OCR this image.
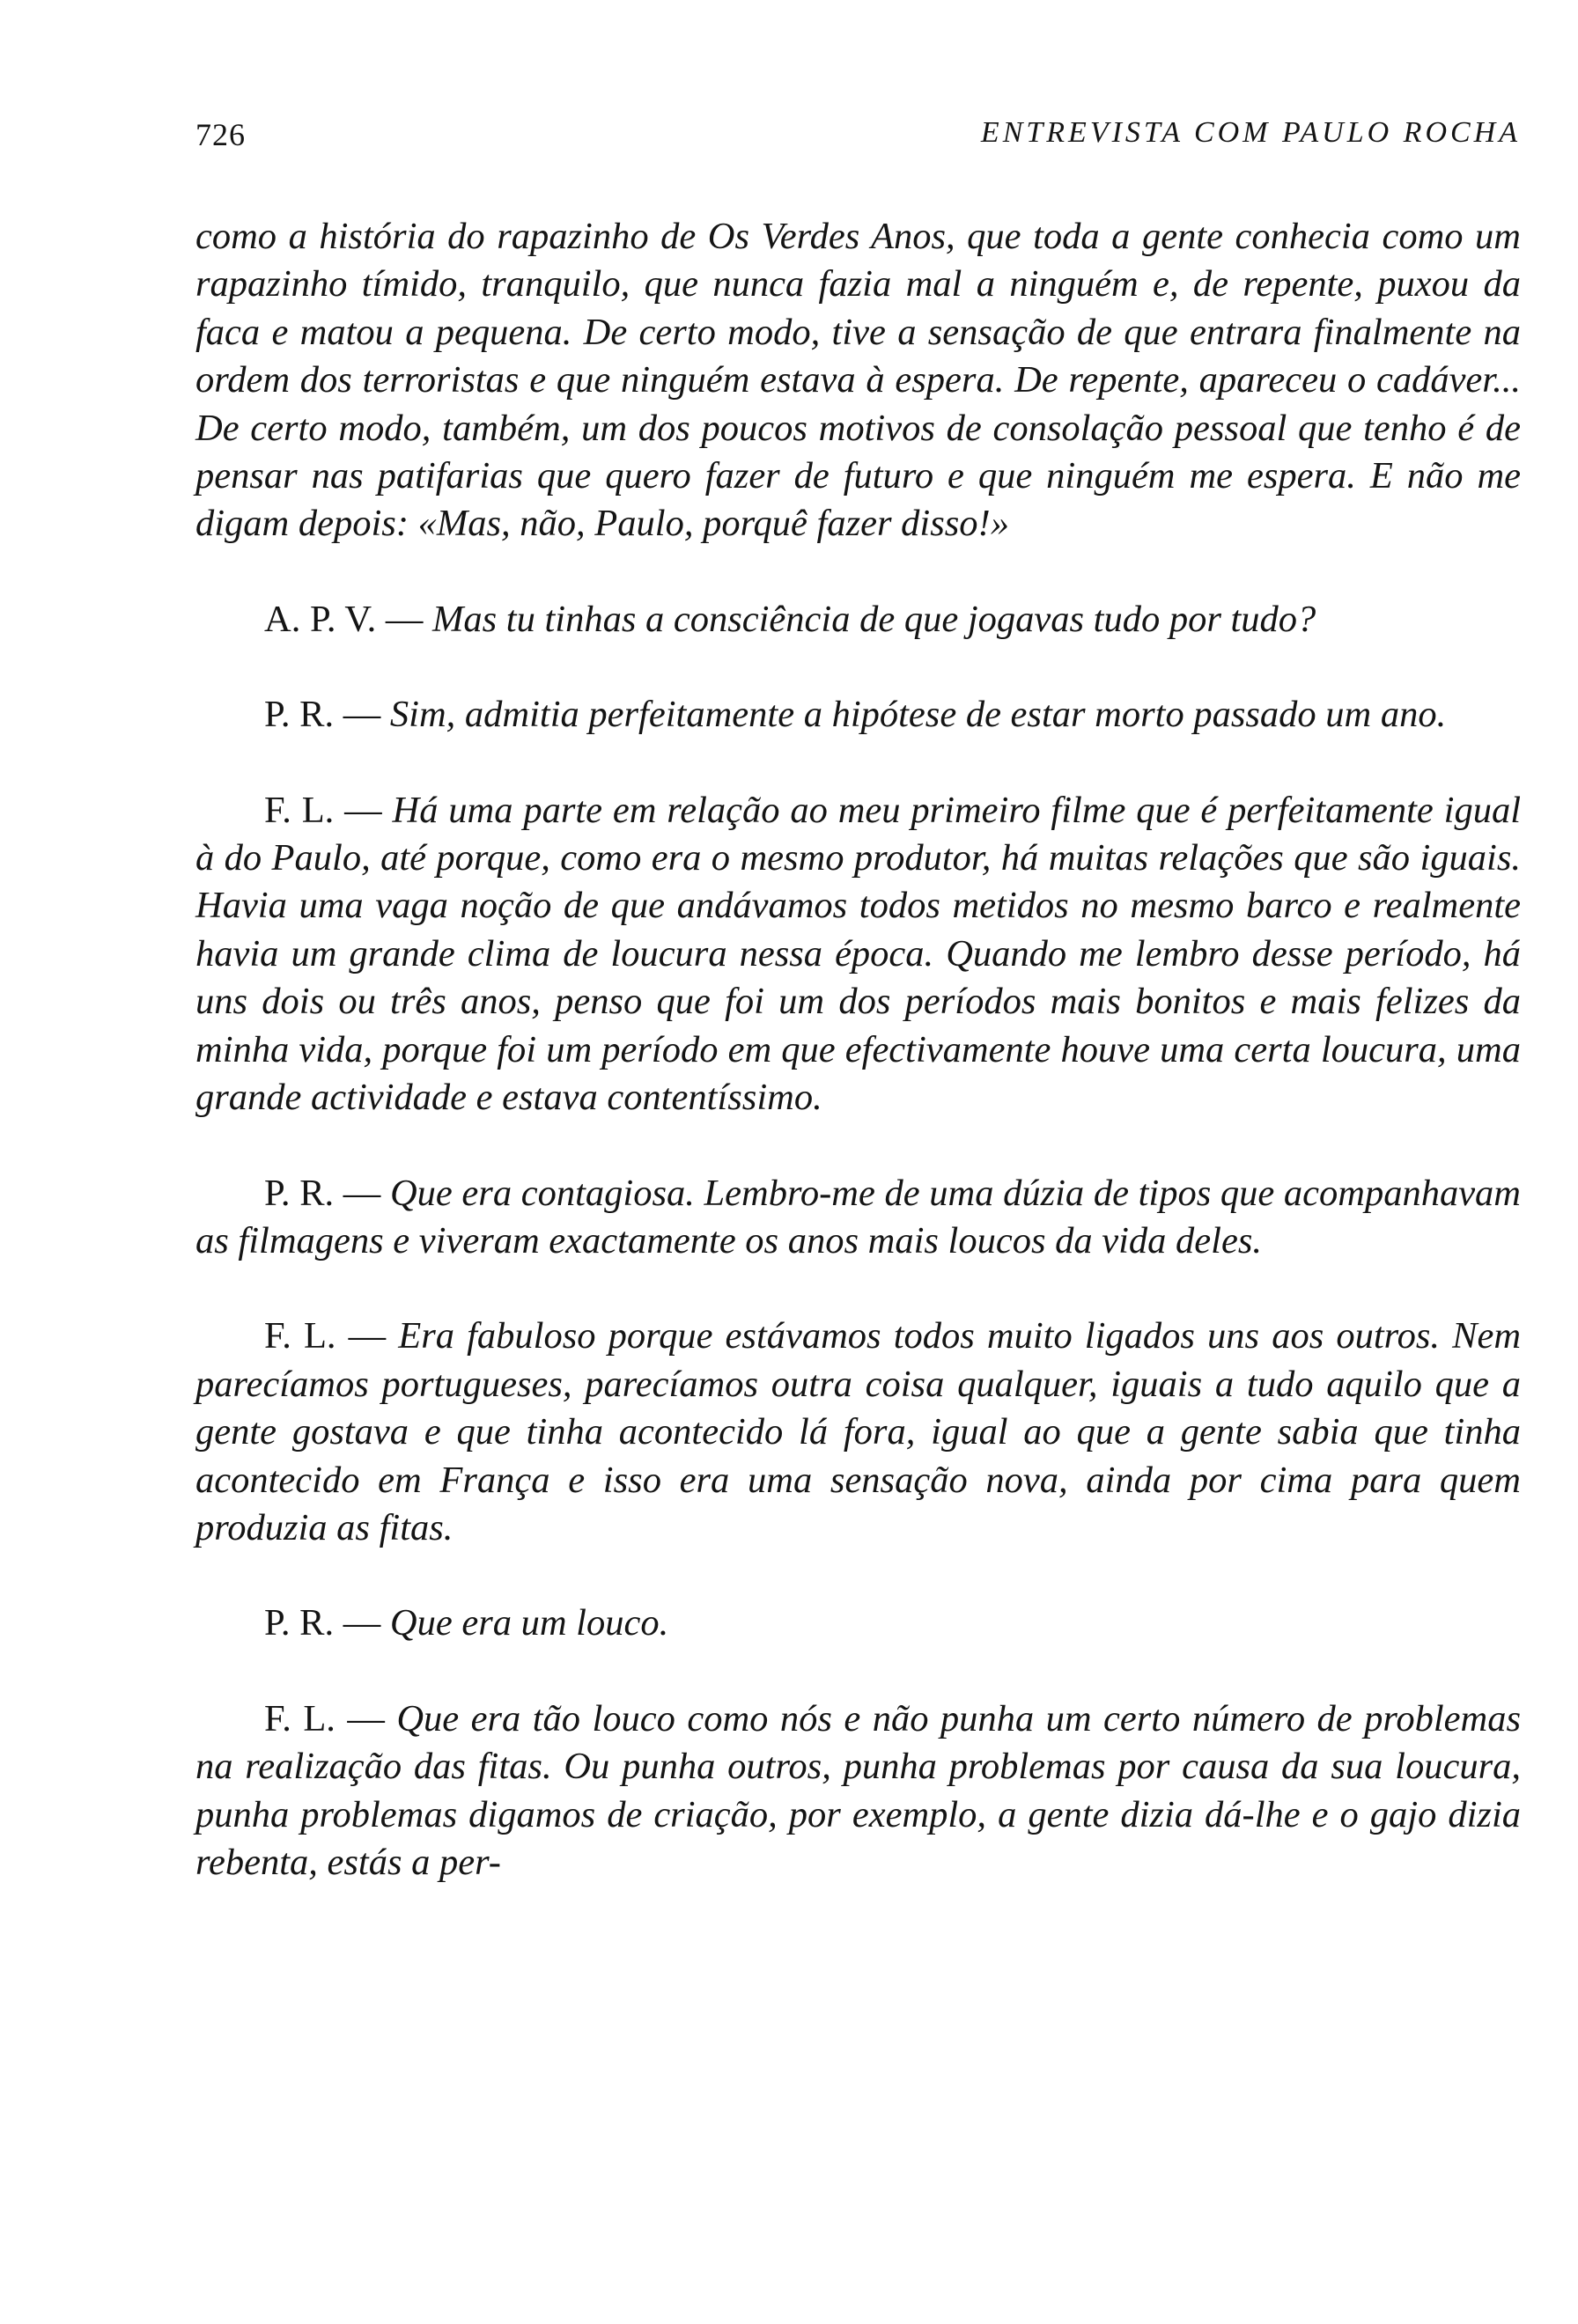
726	ENTREVISTA COM PAULO ROCHA

como a história do rapazinho de Os Verdes Anos, que toda a gente conhecia como um rapazinho tímido, tranquilo, que nunca fazia mal a ninguém e, de repente, puxou da faca e matou a pequena. De certo modo, tive a sensação de que entrara finalmente na ordem dos terroristas e que ninguém estava à espera. De repente, apareceu o cadáver... De certo modo, também, um dos poucos motivos de consolação pessoal que tenho é de pensar nas patifarias que quero fazer de futuro e que ninguém me espera. E não me digam depois: «Mas, não, Paulo, porquê fazer disso!»

A. P. V. — Mas tu tinhas a consciência de que jogavas tudo por tudo?

P. R. — Sim, admitia perfeitamente a hipótese de estar morto passado um ano.

F. L. — Há uma parte em relação ao meu primeiro filme que é perfeitamente igual à do Paulo, até porque, como era o mesmo produtor, há muitas relações que são iguais. Havia uma vaga noção de que andávamos todos metidos no mesmo barco e realmente havia um grande clima de loucura nessa época. Quando me lembro desse período, há uns dois ou três anos, penso que foi um dos períodos mais bonitos e mais felizes da minha vida, porque foi um período em que efectivamente houve uma certa loucura, uma grande actividade e estava contentíssimo.

P. R. — Que era contagiosa. Lembro-me de uma dúzia de tipos que acompanhavam as filmagens e viveram exactamente os anos mais loucos da vida deles.

F. L. — Era fabuloso porque estávamos todos muito ligados uns aos outros. Nem parecíamos portugueses, parecíamos outra coisa qualquer, iguais a tudo aquilo que a gente gostava e que tinha acontecido lá fora, igual ao que a gente sabia que tinha acontecido em França e isso era uma sensação nova, ainda por cima para quem produzia as fitas.

P. R. — Que era um louco.

F. L. — Que era tão louco como nós e não punha um certo número de problemas na realização das fitas. Ou punha outros, punha problemas por causa da sua loucura, punha problemas digamos de criação, por exemplo, a gente dizia dá-lhe e o gajo dizia rebenta, estás a per-
